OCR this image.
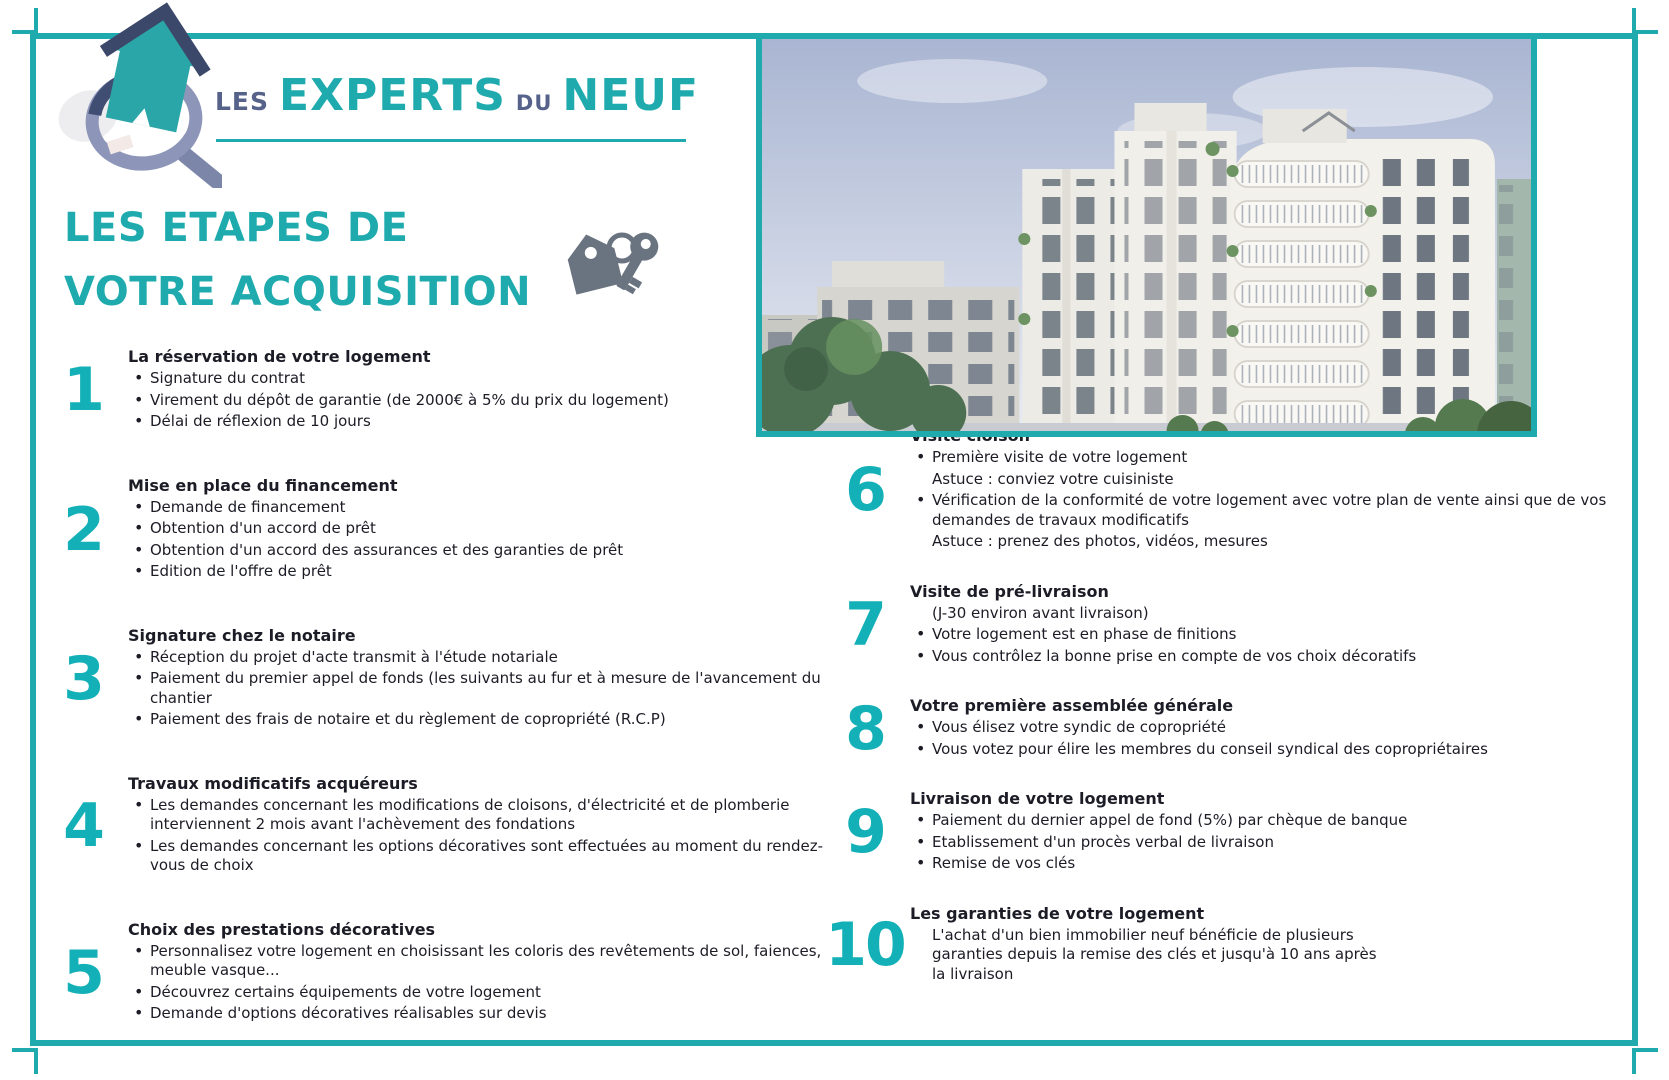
LES EXPERTS DU NEUF
LES ETAPES DE
VOTRE ACQUISITION
1	La réservation de votre logement
• Signature du contrat
• Virement du dépôt de garantie (de 2000€ à 5% du prix du logement)
• Délai de réflexion de 10 jours
2
Mise en place du financement
• Demande de financement
• Obtention d'un accord de prêt
• Obtention d'un accord des assurances et des garanties de prêt
• Edition de l'offre de prêt
3
Signature chez le notaire
• Réception du projet d'acte transmit à l'étude notariale
• Paiement du premier appel de fonds (les suivants au fur et à mesure de l'avancement du chantier
• Paiement des frais de notaire et du règlement de copropriété (R.C.P)
4
Travaux modificatifs acquéreurs
• Les demandes concernant les modifications de cloisons, d'électricité et de plomberie interviennent 2 mois avant l'achèvement des fondations
• Les demandes concernant les options décoratives sont effectuées au moment du rendez-vous de choix
5
Choix des prestations décoratives
• Personnalisez votre logement en choisissant les coloris des revêtements de sol, faiences, meuble vasque...
• Découvrez certains équipements de votre logement
• Demande d'options décoratives réalisables sur devis
6	• Première visite de votre logement
Astuce : conviez votre cuisiniste
• Vérification de la conformité de votre logement avec votre plan de vente ainsi que de vos demandes de travaux modificatifs
Astuce : prenez des photos, vidéos, mesures
7	Visite de pré-livraison
(J-30 environ avant livraison)
• Votre logement est en phase de finitions
• Vous contrôlez la bonne prise en compte de vos choix décoratifs
8	Votre première assemblée générale
• Vous élisez votre syndic de copropriété
• Vous votez pour élire les membres du conseil syndical des copropriétaires
9	Livraison de votre logement
• Paiement du dernier appel de fond (5%) par chèque de banque
• Etablissement d'un procès verbal de livraison
• Remise de vos clés
10 Les garanties de votre logement
L'achat d'un bien immobilier neuf bénéficie de plusieurs garanties depuis la remise des clés et jusqu'à 10 ans après la livraison
